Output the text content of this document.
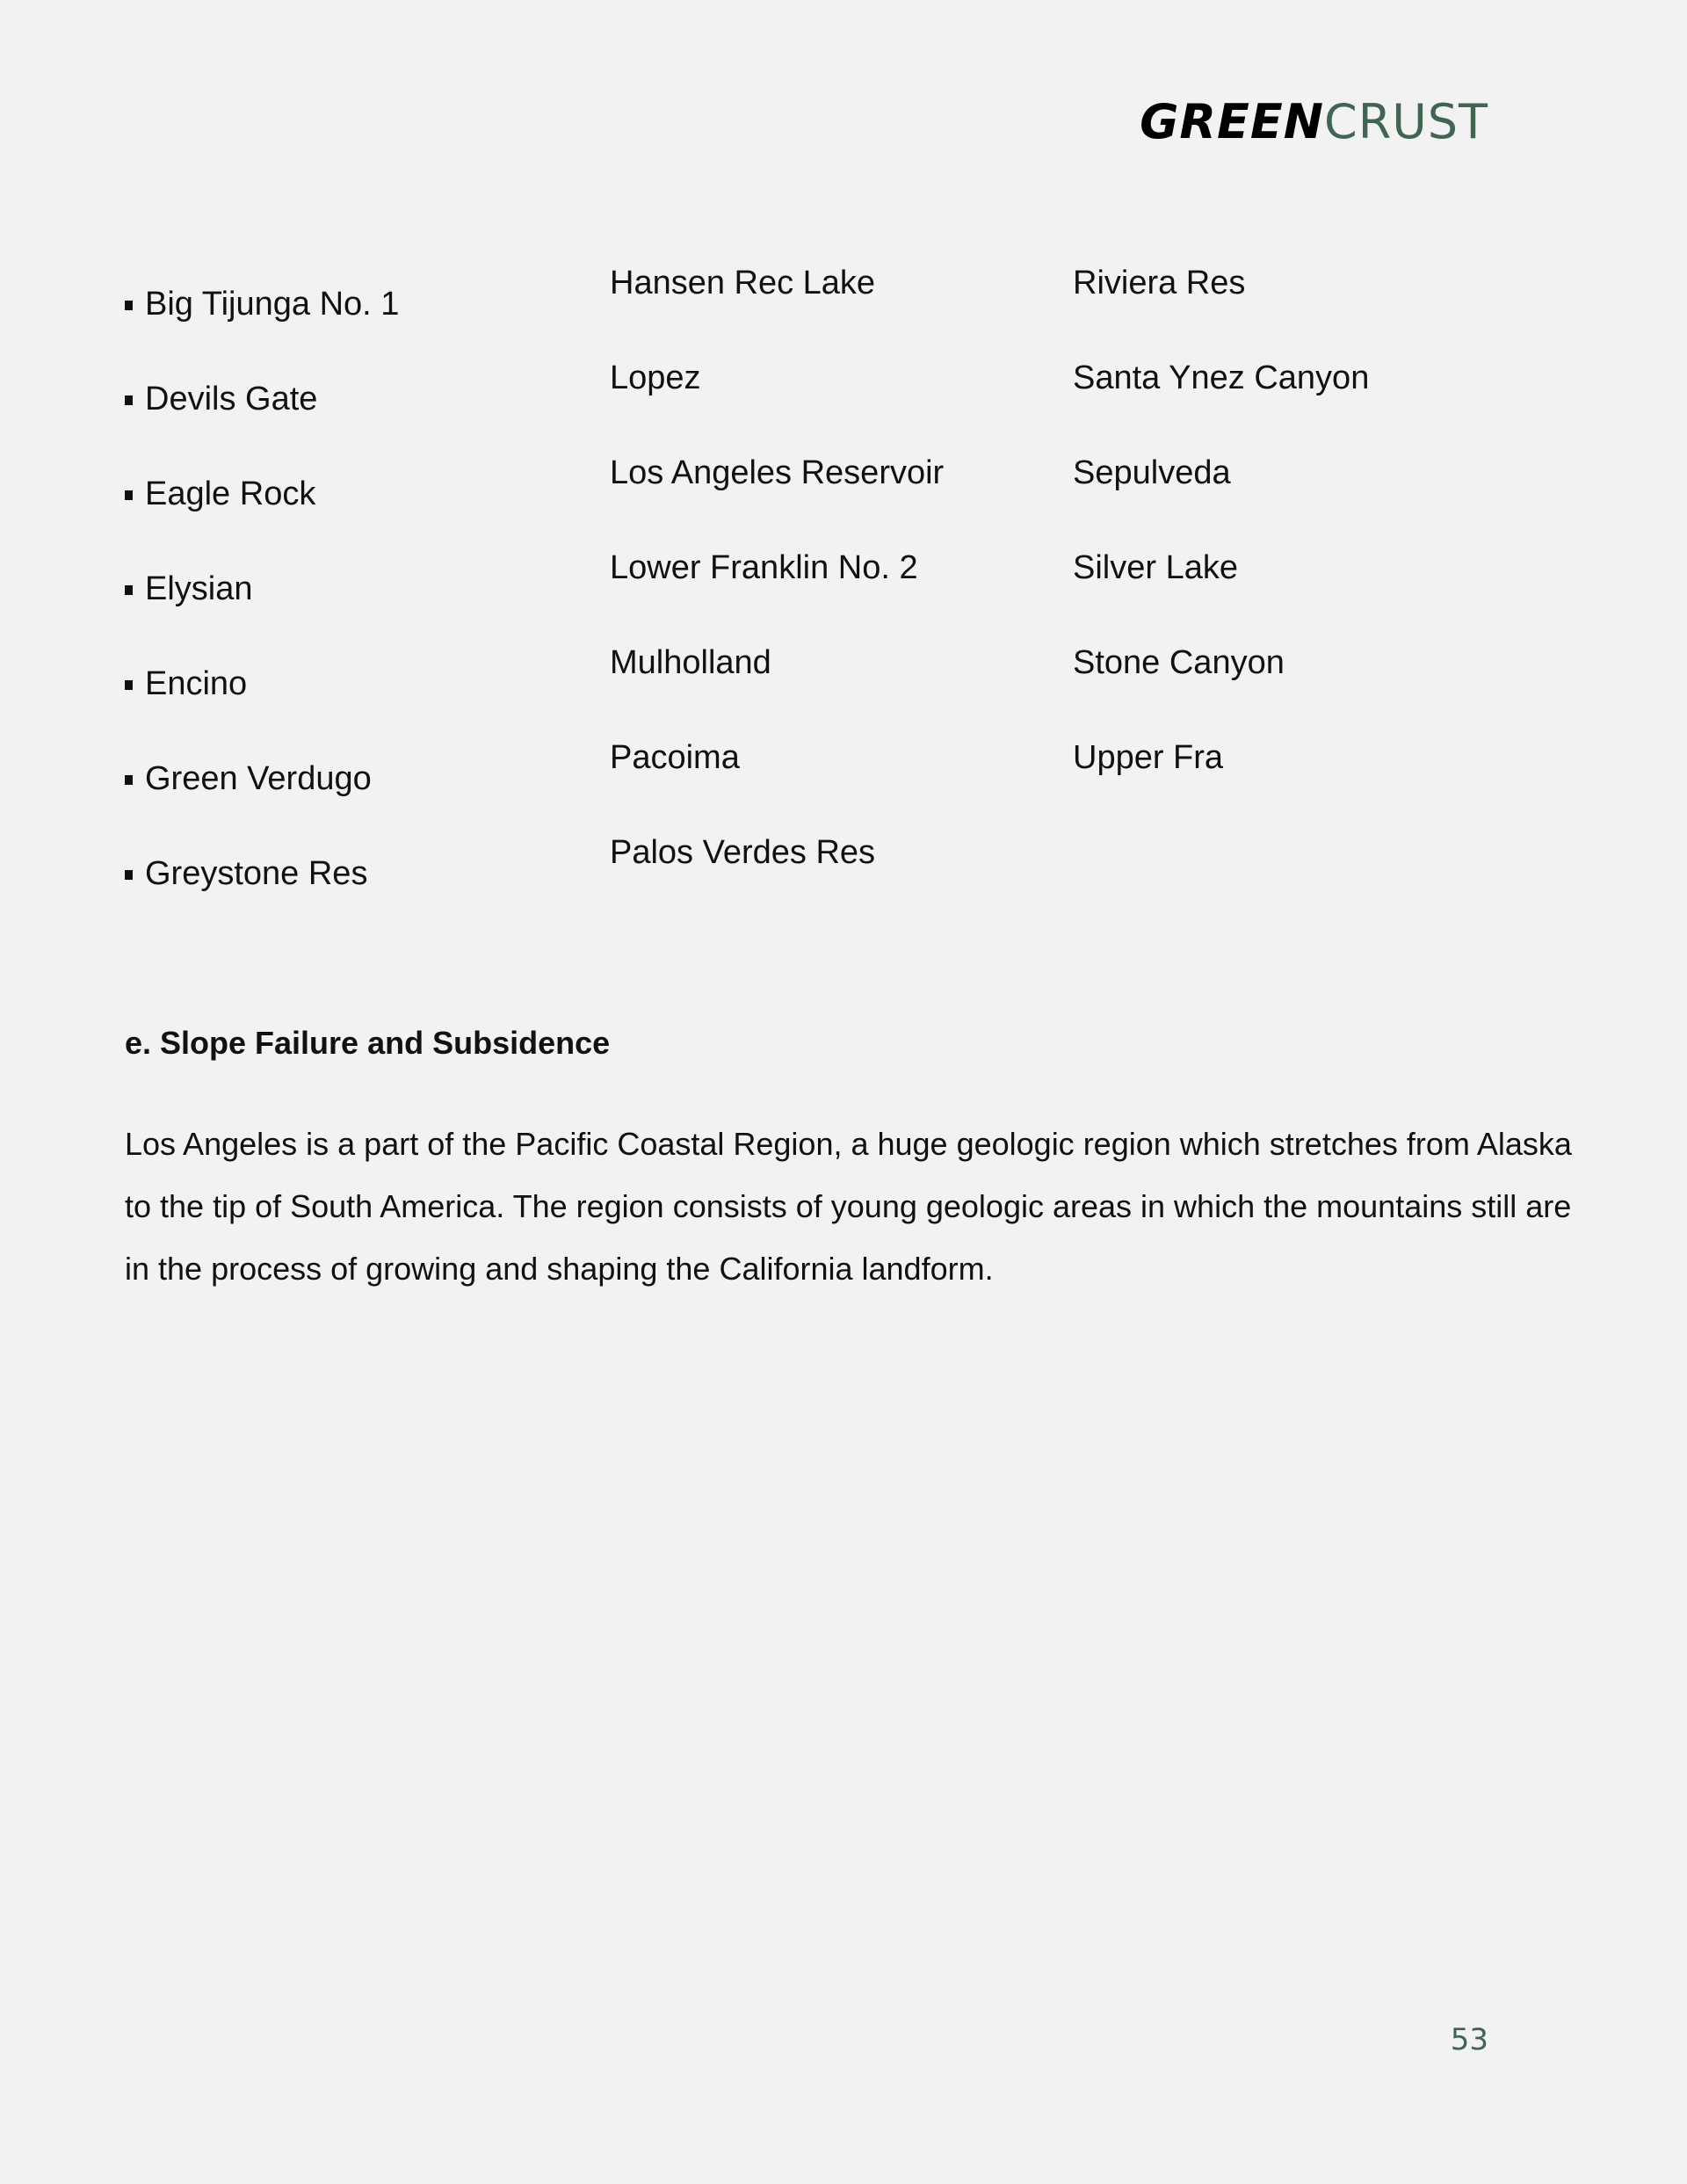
GREENCRUST
Big Tijunga No. 1
Hansen Rec Lake	Riviera Res
Devils Gate
Lopez	Santa Ynez Canyon
Eagle Rock
Los Angeles Reservoir	Sepulveda
Elysian
Lower Franklin No. 2	Silver Lake
Encino
Mulholland	Stone Canyon
Green Verdugo
Pacoima	Upper Fra
Greystone Res
Palos Verdes Res
e. Slope Failure and Subsidence

Los Angeles is a part of the Pacific Coastal Region, a huge geologic region which stretches from Alaska to the tip of South America. The region consists of young geologic areas in which the mountains still are in the process of growing and shaping the California landform.

53
